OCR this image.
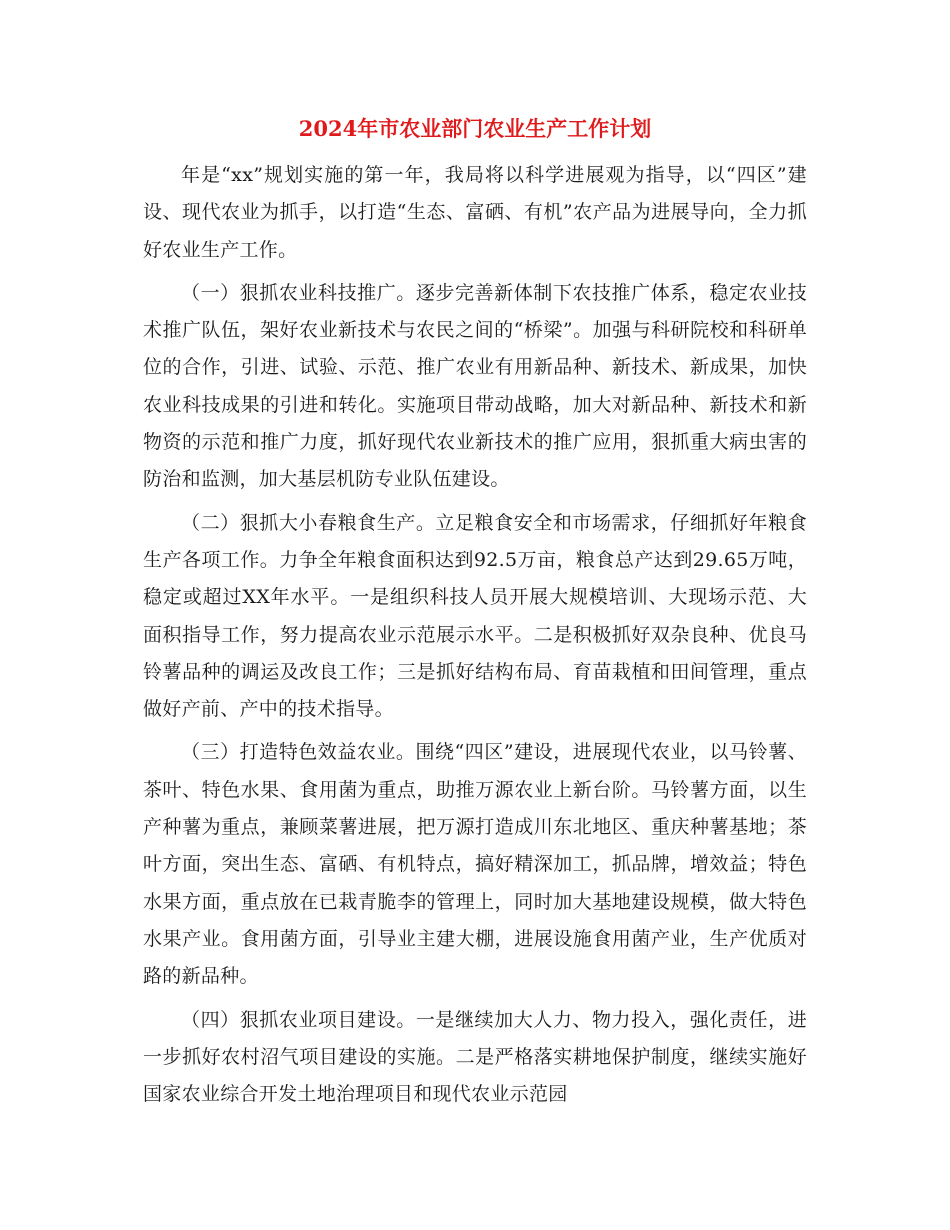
2024年市农业部门农业生产工作计划

年是“xx”规划实施的第一年，我局将以科学进展观为指导，以“四区”建设、现代农业为抓手，以打造“生态、富硒、有机”农产品为进展导向，全力抓好农业生产工作。

（一）狠抓农业科技推广。逐步完善新体制下农技推广体系，稳定农业技术推广队伍，架好农业新技术与农民之间的“桥梁”。加强与科研院校和科研单位的合作，引进、试验、示范、推广农业有用新品种、新技术、新成果，加快农业科技成果的引进和转化。实施项目带动战略，加大对新品种、新技术和新物资的示范和推广力度，抓好现代农业新技术的推广应用，狠抓重大病虫害的防治和监测，加大基层机防专业队伍建设。

（二）狠抓大小春粮食生产。立足粮食安全和市场需求，仔细抓好年粮食生产各项工作。力争全年粮食面积达到92.5万亩，粮食总产达到29.65万吨，稳定或超过XX年水平。一是组织科技人员开展大规模培训、大现场示范、大面积指导工作，努力提高农业示范展示水平。二是积极抓好双杂良种、优良马铃薯品种的调运及改良工作；三是抓好结构布局、育苗栽植和田间管理，重点做好产前、产中的技术指导。

（三）打造特色效益农业。围绕“四区”建设，进展现代农业，以马铃薯、茶叶、特色水果、食用菌为重点，助推万源农业上新台阶。马铃薯方面，以生产种薯为重点，兼顾菜薯进展，把万源打造成川东北地区、重庆种薯基地；茶叶方面，突出生态、富硒、有机特点，搞好精深加工，抓品牌，增效益；特色水果方面，重点放在已栽青脆李的管理上，同时加大基地建设规模，做大特色水果产业。食用菌方面，引导业主建大棚，进展设施食用菌产业，生产优质对路的新品种。

（四）狠抓农业项目建设。一是继续加大人力、物力投入，强化责任，进一步抓好农村沼气项目建设的实施。二是严格落实耕地保护制度，继续实施好国家农业综合开发土地治理项目和现代农业示范园
